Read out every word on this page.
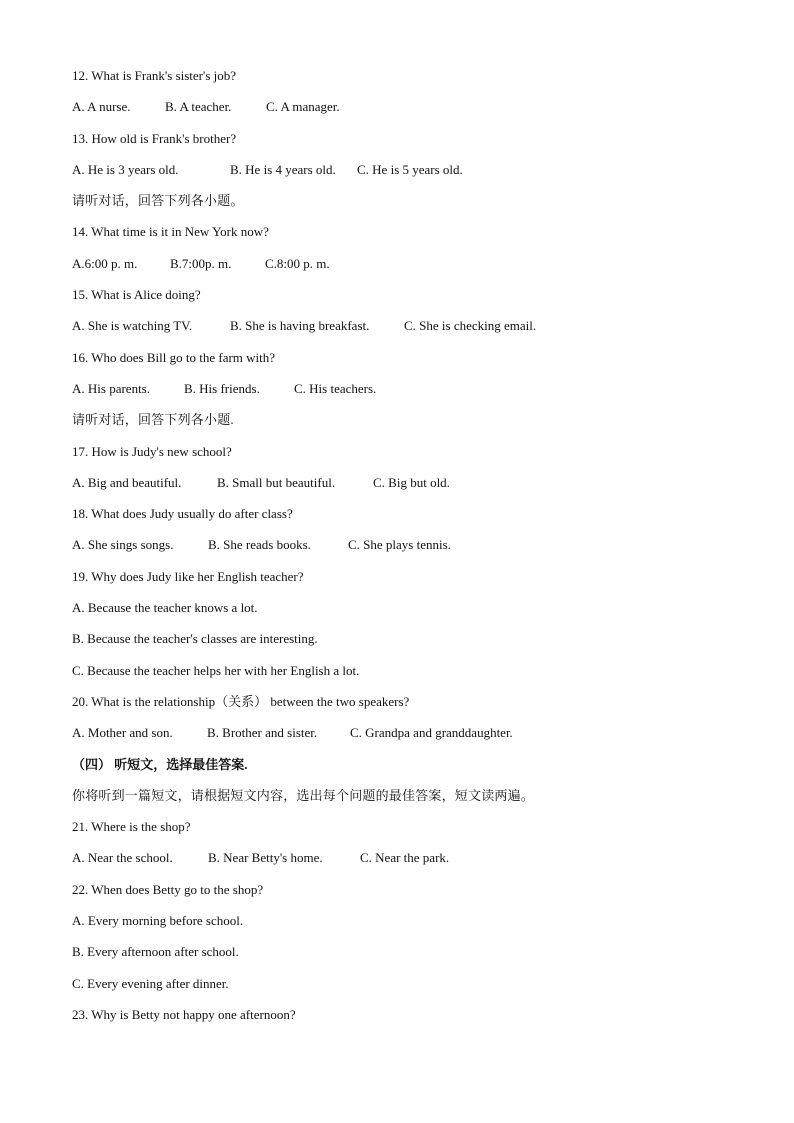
12. What is Frank's sister's job?
A. A nurse.	B. A teacher.	C. A manager.
13. How old is Frank's brother?
A. He is 3 years old.	B. He is 4 years old. C. He is 5 years old.
请听对话，回答下列各小题。
14. What time is it in New York now?
A.6:00 p. m.	B.7:00p. m.	C.8:00 p. m.
15. What is Alice doing?
A. She is watching TV.	B. She is having breakfast.	C. She is checking email.
16. Who does Bill go to the farm with?
A. His parents.	B. His friends.	C. His teachers.
请听对话，回答下列各小题.
17. How is Judy's new school?
A. Big and beautiful.	B. Small but beautiful.	C. Big but old.
18. What does Judy usually do after class?
A. She sings songs.	B. She reads books.	C. She plays tennis.
19. Why does Judy like her English teacher?
A. Because the teacher knows a lot.
B. Because the teacher's classes are interesting.
C. Because the teacher helps her with her English a lot.
20. What is the relationship（关系） between the two speakers?
A. Mother and son.	B. Brother and sister.	C. Grandpa and granddaughter.
（四） 听短文，选择最佳答案.
你将听到一篇短文，请根据短文内容，选出每个问题的最佳答案，短文读两遍。
21. Where is the shop?
A. Near the school.	B. Near Betty's home.	C. Near the park.
22. When does Betty go to the shop?
A. Every morning before school.
B. Every afternoon after school.
C. Every evening after dinner.
23. Why is Betty not happy one afternoon?
